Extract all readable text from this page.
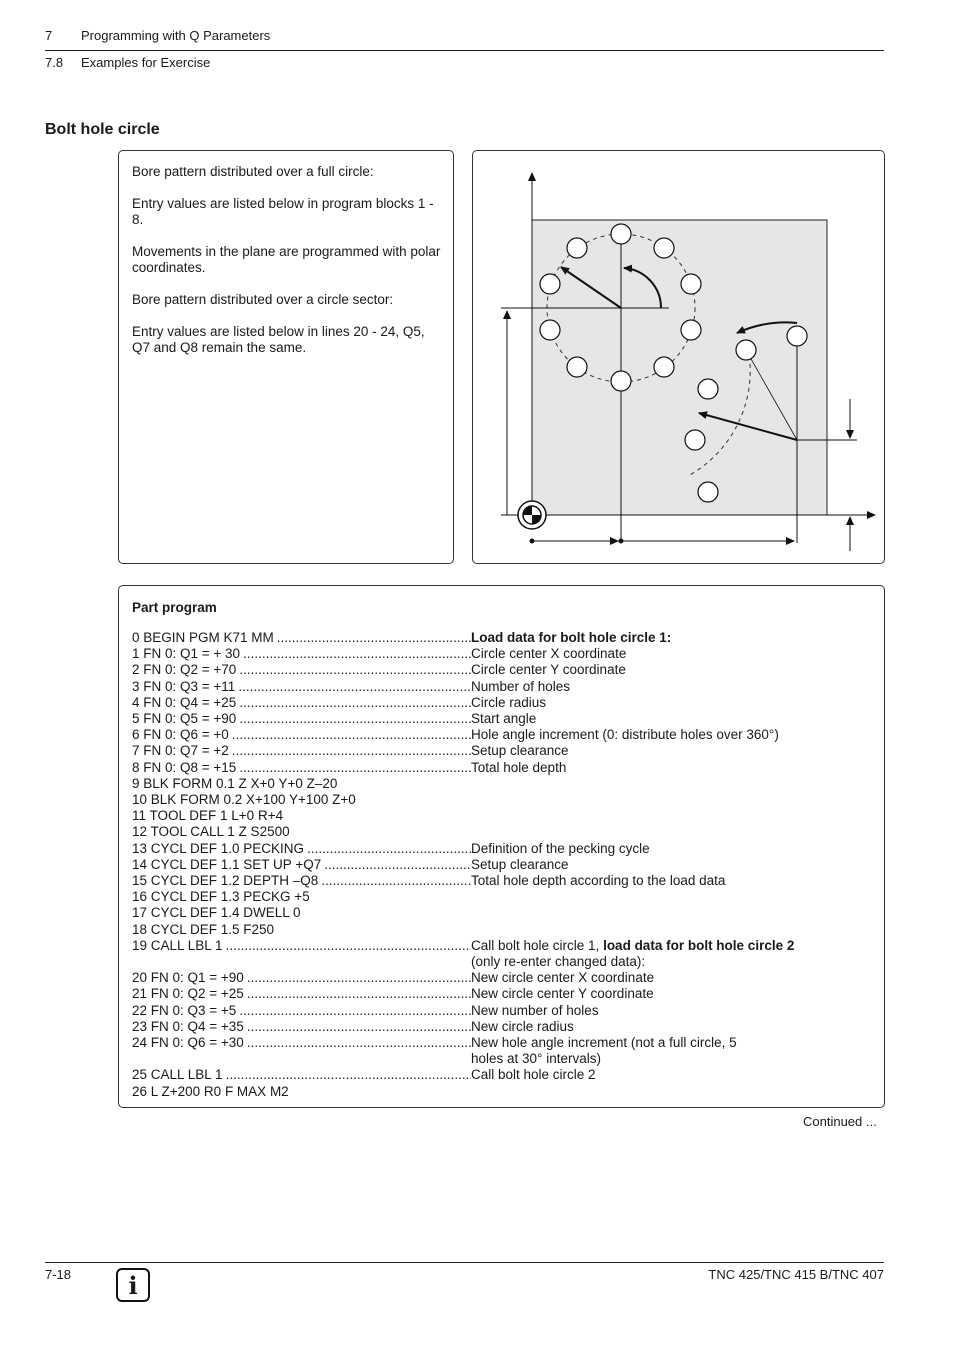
7 Programming with Q Parameters
7.8 Examples for Exercise
Bolt hole circle

Bore pattern distributed over a full circle:

Entry values are listed below in program blocks 1 - 8.

Movements in the plane are programmed with polar coordinates.

Bore pattern distributed over a circle sector:

Entry values are listed below in lines 20 - 24, Q5, Q7 and Q8 remain the same.

Part program
0 BEGIN PGM K71 MM .....	Load data for bolt hole circle 1:
1 FN 0: Q1 = + 30 .....	Circle center X coordinate
2 FN 0: Q2 = +70 .....	Circle center Y coordinate
3 FN 0: Q3 = +11 .....	Number of holes
4 FN 0: Q4 = +25 .....	Circle radius
5 FN 0: Q5 = +90 .....	Start angle
6 FN 0: Q6 = +0 .....	Hole angle increment (0: distribute holes over 360°)
7 FN 0: Q7 = +2 .....	Setup clearance
8 FN 0: Q8 = +15 .....	Total hole depth
9 BLK FORM 0.1 Z X+0 Y+0 Z–20
10 BLK FORM 0.2 X+100 Y+100 Z+0
11 TOOL DEF 1 L+0 R+4
12 TOOL CALL 1 Z S2500
13 CYCL DEF 1.0 PECKING .....	Definition of the pecking cycle
14 CYCL DEF 1.1 SET UP +Q7 .....	Setup clearance
15 CYCL DEF 1.2 DEPTH –Q8 .....	Total hole depth according to the load data
16 CYCL DEF 1.3 PECKG +5
17 CYCL DEF 1.4 DWELL 0
18 CYCL DEF 1.5 F250
19 CALL LBL 1 .....	Call bolt hole circle 1, load data for bolt hole circle 2
(only re-enter changed data):
20 FN 0: Q1 = +90 .....	New circle center X coordinate
21 FN 0: Q2 = +25 .....	New circle center Y coordinate
22 FN 0: Q3 = +5 .....	New number of holes
23 FN 0: Q4 = +35 .....	New circle radius
24 FN 0: Q6 = +30 .....	New hole angle increment (not a full circle, 5
holes at 30° intervals)
25 CALL LBL 1 .....	Call bolt hole circle 2
26 L Z+200 R0 F MAX M2
Continued ...
7-18	i	TNC 425/TNC 415 B/TNC 407
